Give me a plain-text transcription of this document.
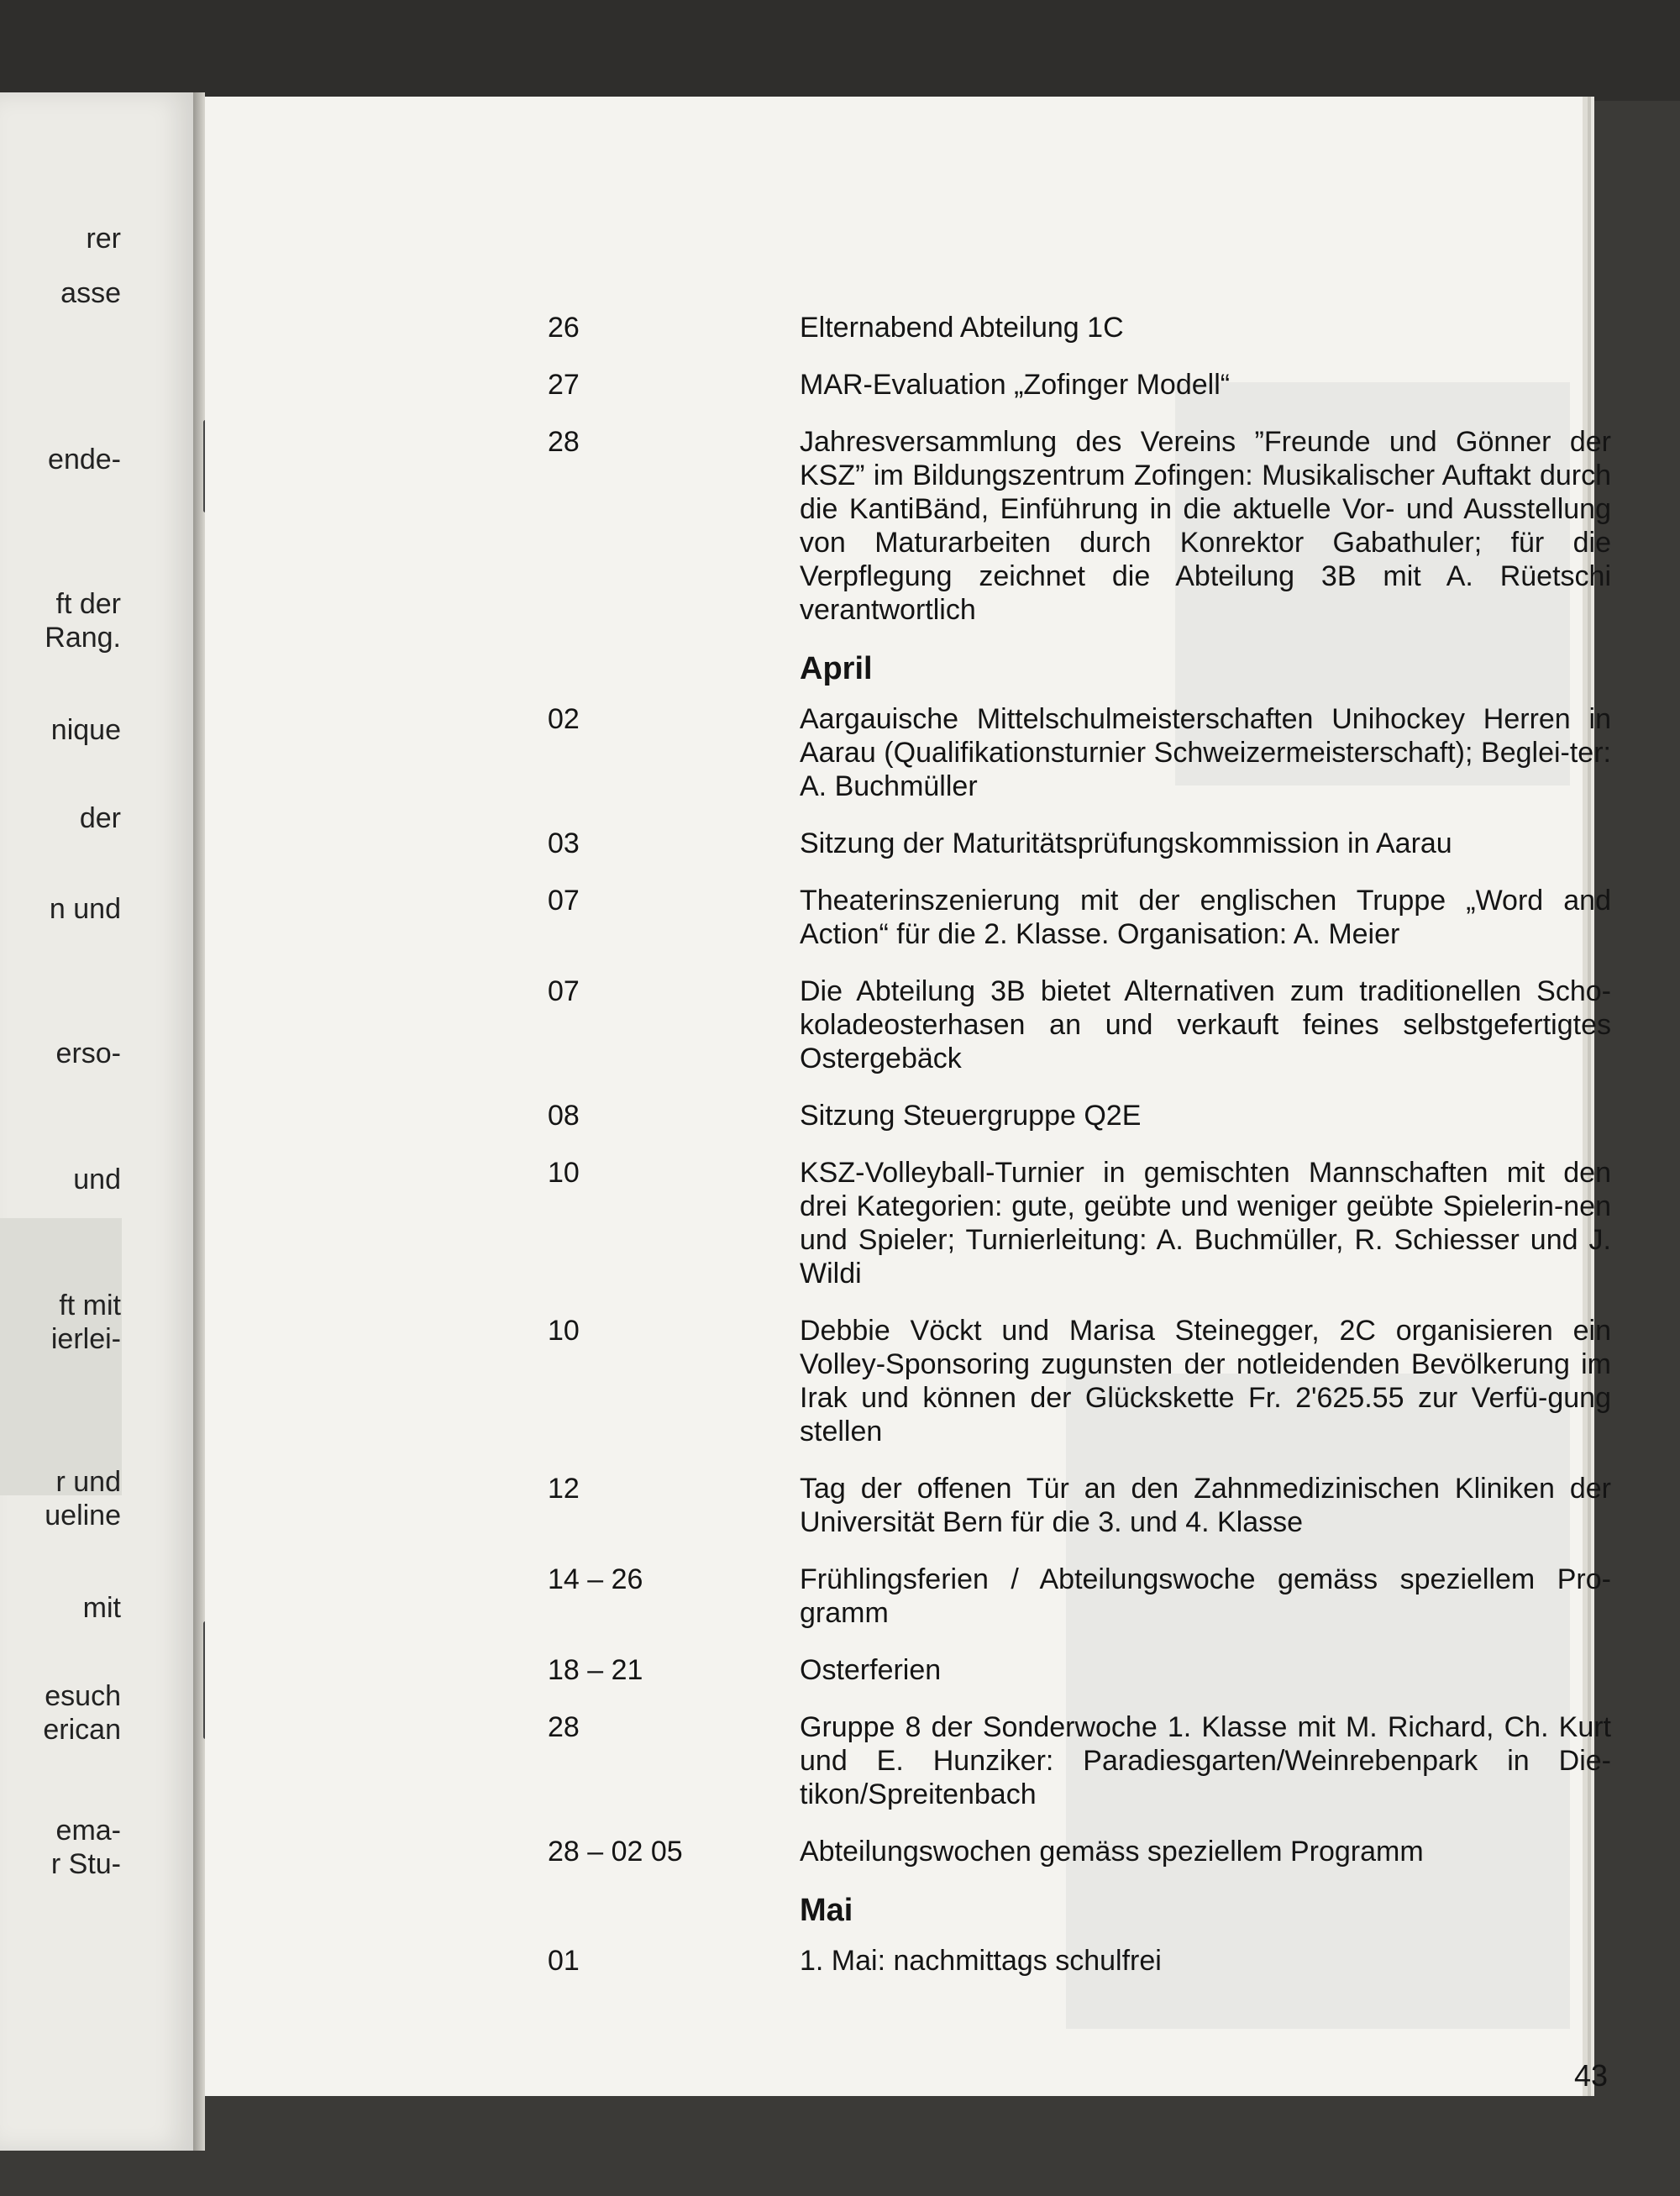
rer
asse
ende-
ft der
Rang.
nique
der
n und
erso-
und
ft mit
ierlei-
r und
ueline
mit
esuch
erican
ema-
r Stu-
26	Elternabend Abteilung 1C
27	MAR-Evaluation „Zofinger Modell“
28	Jahresversammlung des Vereins ”Freunde und Gönner der KSZ” im Bildungszentrum Zofingen: Musikalischer Auftakt durch die KantiBänd, Einführung in die aktuelle Vor- und Ausstellung von Maturarbeiten durch Konrektor Gabathuler; für die Verpflegung zeichnet die Abteilung 3B mit A. Rüetschi verantwortlich
April
02	Aargauische Mittelschulmeisterschaften Unihockey Herren in Aarau (Qualifikationsturnier Schweizermeisterschaft); Beglei-ter: A. Buchmüller
03	Sitzung der Maturitätsprüfungskommission in Aarau
07	Theaterinszenierung mit der englischen Truppe „Word and Action“ für die 2. Klasse. Organisation: A. Meier
07	Die Abteilung 3B bietet Alternativen zum traditionellen Scho-koladeosterhasen an und verkauft feines selbstgefertigtes Ostergebäck
08	Sitzung Steuergruppe Q2E
10	KSZ-Volleyball-Turnier in gemischten Mannschaften mit den drei Kategorien: gute, geübte und weniger geübte Spielerin-nen und Spieler; Turnierleitung: A. Buchmüller, R. Schiesser und J. Wildi
10	Debbie Vöckt und Marisa Steinegger, 2C organisieren ein Volley-Sponsoring zugunsten der notleidenden Bevölkerung im Irak und können der Glückskette Fr. 2'625.55 zur Verfü-gung stellen
12	Tag der offenen Tür an den Zahnmedizinischen Kliniken der Universität Bern für die 3. und 4. Klasse
14 – 26	Frühlingsferien / Abteilungswoche gemäss speziellem Pro-gramm
18 – 21	Osterferien
28	Gruppe 8 der Sonderwoche 1. Klasse mit M. Richard, Ch. Kurt und E. Hunziker: Paradiesgarten/Weinrebenpark in Die-tikon/Spreitenbach
28 – 02 05	Abteilungswochen gemäss speziellem Programm
Mai
01	1. Mai: nachmittags schulfrei
43
